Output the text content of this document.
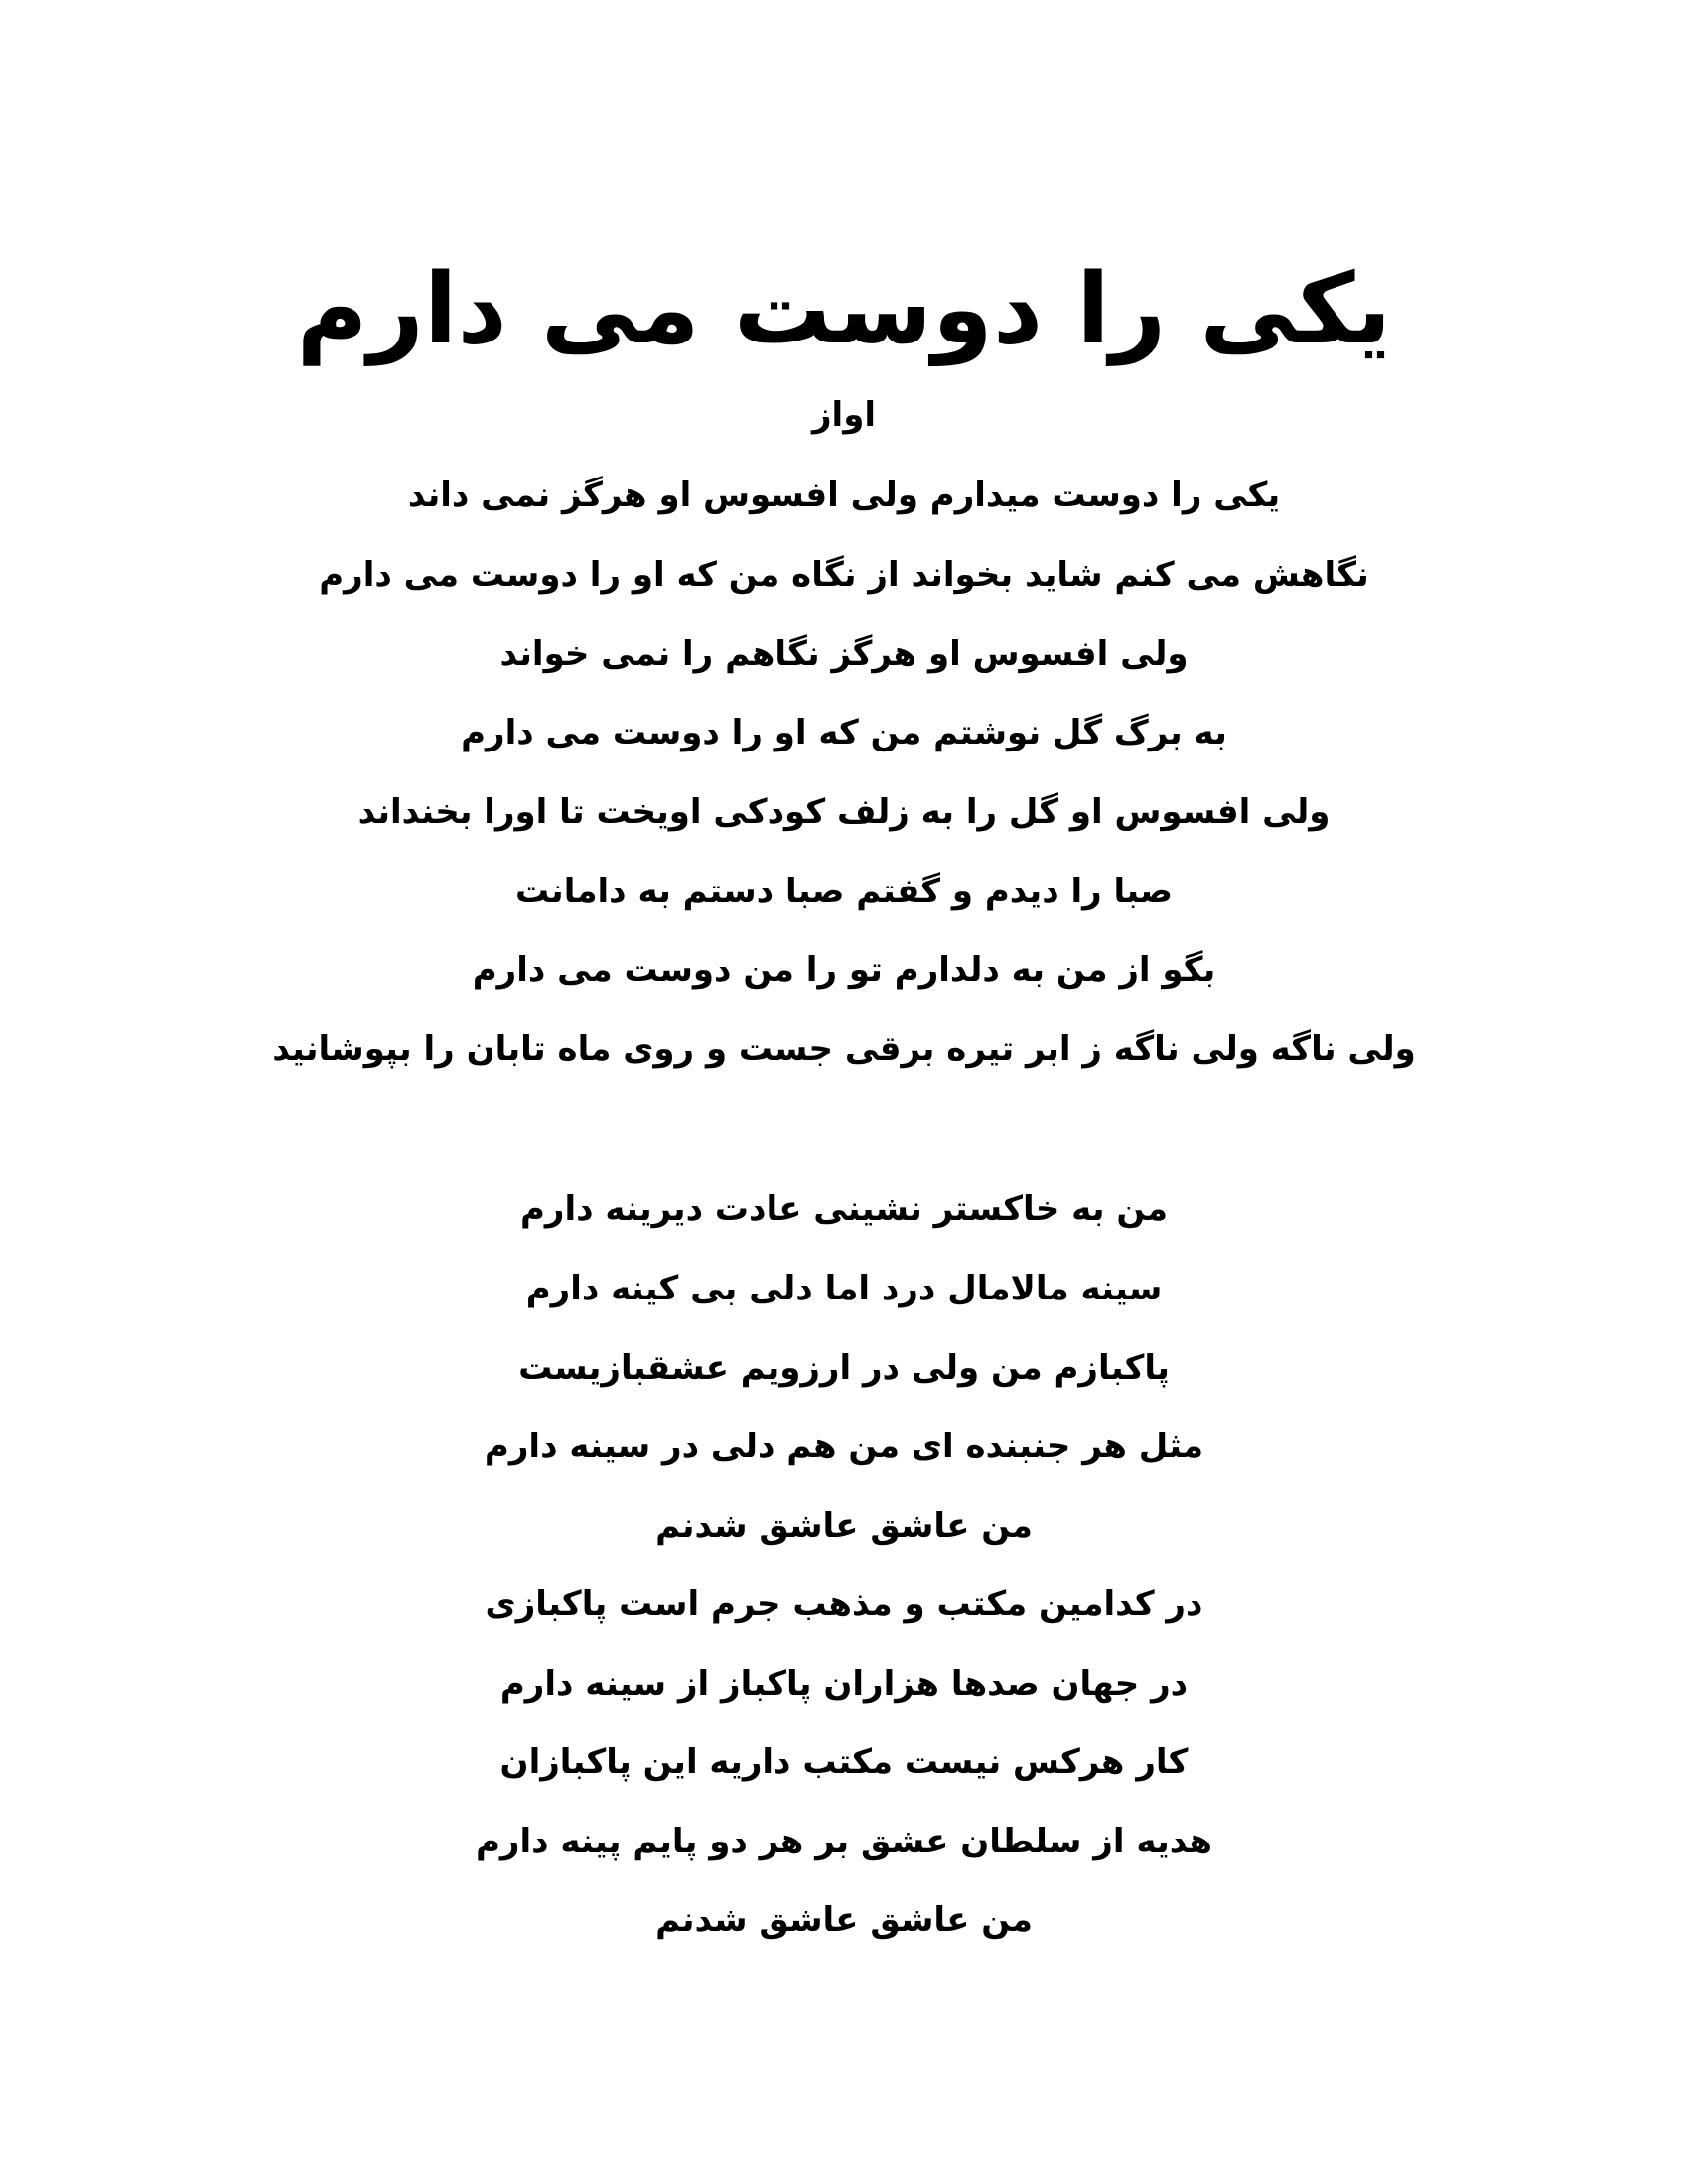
یکی را دوست می دارم
اواز
یکی را دوست میدارم ولی افسوس او هرگز نمی داند
نگاهش می کنم شاید بخواند از نگاه من که او را دوست می دارم
ولی افسوس او هرگز نگاهم را نمی خواند
به برگ گل نوشتم من که او را دوست می دارم
ولی افسوس او گل را به زلف کودکی اویخت تا اورا بخنداند
صبا را دیدم و گفتم صبا دستم به دامانت
بگو از من به دلدارم تو را من دوست می دارم
ولی ناگه ولی ناگه ز ابر تیره برقی جست و روی ماه تابان را بپوشانید
من به خاکستر نشینی عادت دیرینه دارم
سینه مالامال درد اما دلی بی کینه دارم
پاکبازم من ولی در ارزویم عشقبازیست
مثل هر جنبنده ای من هم دلی در سینه دارم
من عاشق عاشق شدنم
در کدامین مکتب و مذهب جرم است پاکبازی
در جهان صدها هزاران پاکباز از سینه دارم
کار هرکس نیست مکتب داریه این پاکبازان
هدیه از سلطان عشق بر هر دو پایم پینه دارم
من عاشق عاشق شدنم
